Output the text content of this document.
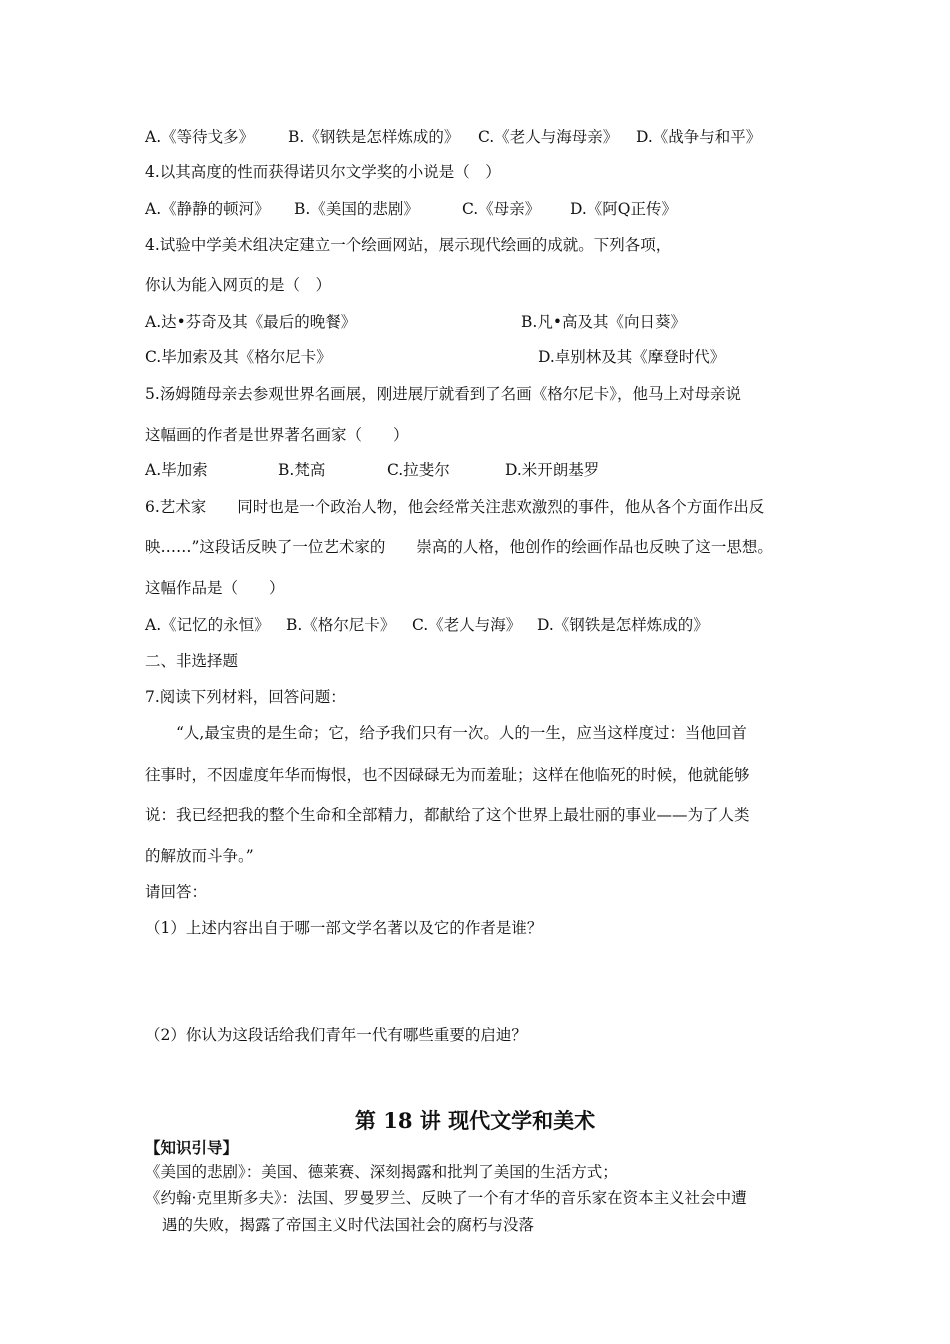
A.《等待戈多》 B.《钢铁是怎样炼成的》 C.《老人与海母亲》 D.《战争与和平》
4.以其高度的性而获得诺贝尔文学奖的小说是（　）
A.《静静的顿河》 B.《美国的悲剧》	C.《母亲》 D.《阿Q正传》
4.试验中学美术组决定建立一个绘画网站，展示现代绘画的成就。下列各项，
你认为能入网页的是（　）
A.达•芬奇及其《最后的晚餐》	B.凡•高及其《向日葵》
C.毕加索及其《格尔尼卡》	D.卓别林及其《摩登时代》
5.汤姆随母亲去参观世界名画展，刚进展厅就看到了名画《格尔尼卡》，他马上对母亲说
这幅画的作者是世界著名画家（　　）
A.毕加索	B.梵高	C.拉斐尔	D.米开朗基罗
6.艺术家　　同时也是一个政治人物，他会经常关注悲欢激烈的事件，他从各个方面作出反
映……”这段话反映了一位艺术家的　　崇高的人格，他创作的绘画作品也反映了这一思想。
这幅作品是（　　）
A.《记忆的永恒》 B.《格尔尼卡》 C.《老人与海》 D.《钢铁是怎样炼成的》
二、非选择题
7.阅读下列材料，回答问题：
“人,最宝贵的是生命；它，给予我们只有一次。人的一生，应当这样度过：当他回首
往事时，不因虚度年华而悔恨，也不因碌碌无为而羞耻；这样在他临死的时候，他就能够
说：我已经把我的整个生命和全部精力，都献给了这个世界上最壮丽的事业——为了人类
的解放而斗争。”
请回答：
（1）上述内容出自于哪一部文学名著以及它的作者是谁？
（2）你认为这段话给我们青年一代有哪些重要的启迪？
第 18 讲 现代文学和美术
【知识引导】
《美国的悲剧》：美国、德莱赛、深刻揭露和批判了美国的生活方式；
《约翰·克里斯多夫》：法国、罗曼罗兰、反映了一个有才华的音乐家在资本主义社会中遭
遇的失败，揭露了帝国主义时代法国社会的腐朽与没落
